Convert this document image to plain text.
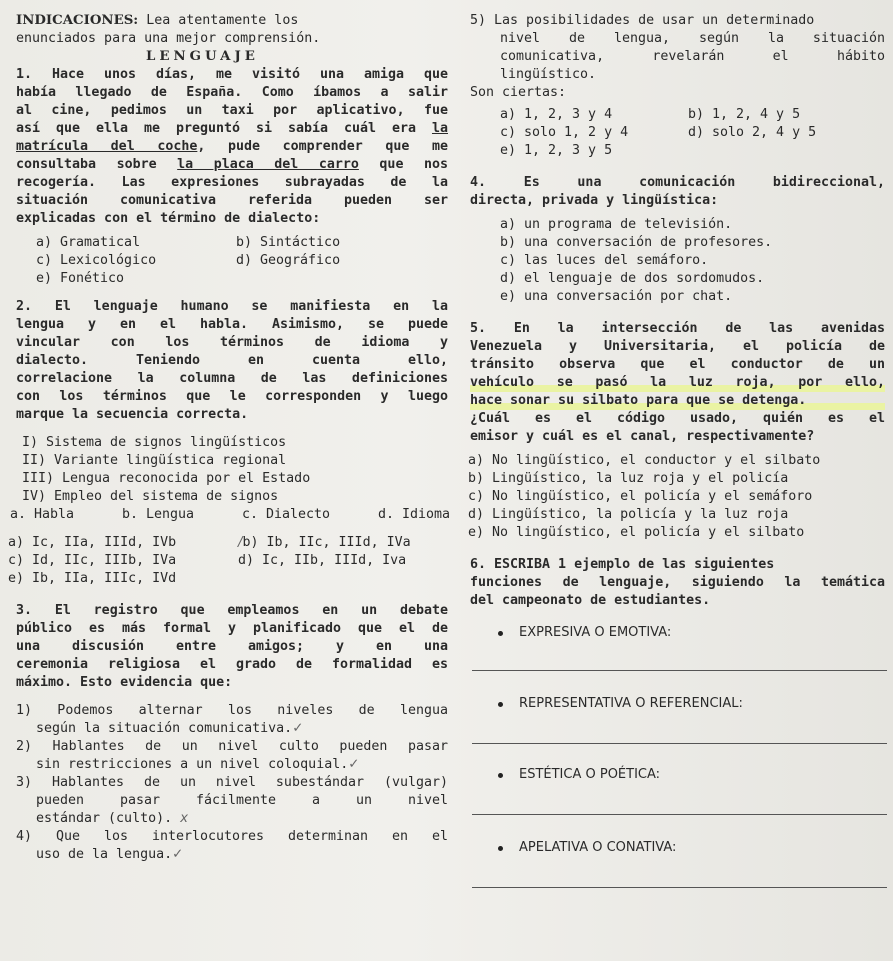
INDICACIONES: Lea atentamente los
enunciados para una mejor comprensión.
LENGUAJE
1. Hace unos días, me visitó una amiga que
había llegado de España. Como íbamos a salir
al cine, pedimos un taxi por aplicativo, fue
así que ella me preguntó si sabía cuál era la
matrícula del coche, pude comprender que me
consultaba sobre la placa del carro que nos
recogería. Las expresiones subrayadas de la
situación comunicativa referida pueden ser
explicadas con el término de dialecto:
a) Gramatical	b) Sintáctico
c) Lexicológico	d) Geográfico
e) Fonético
2. El lenguaje humano se manifiesta en la
lengua y en el habla. Asimismo, se puede
vincular con los términos de idioma y
dialecto. Teniendo en cuenta ello,
correlacione la columna de las definiciones
con los términos que le corresponden y luego
marque la secuencia correcta.
I) Sistema de signos lingüísticos
II) Variante lingüística regional
III) Lengua reconocida por el Estado
IV) Empleo del sistema de signos
a. Habla	b. Lengua	c. Dialecto	d. Idioma
a) Ic, IIa, IIId, IVb	/b) Ib, IIc, IIId, IVa
c) Id, IIc, IIIb, IVa	d) Ic, IIb, IIId, Iva
e) Ib, IIa, IIIc, IVd
3. El registro que empleamos en un debate
público es más formal y planificado que el de
una discusión entre amigos; y en una
ceremonia religiosa el grado de formalidad es
máximo. Esto evidencia que:
1) Podemos alternar los niveles de lengua
según la situación comunicativa.✓
2) Hablantes de un nivel culto pueden pasar
sin restricciones a un nivel coloquial.✓
3) Hablantes de un nivel subestándar (vulgar)
pueden pasar fácilmente a un nivel
estándar (culto). x
4) Que los interlocutores determinan en el
uso de la lengua.✓
5) Las posibilidades de usar un determinado
nivel de lengua, según la situación
comunicativa, revelarán el hábito
lingüístico.
Son ciertas:
a) 1, 2, 3 y 4	b) 1, 2, 4 y 5
c) solo 1, 2 y 4	d) solo 2, 4 y 5
e) 1, 2, 3 y 5
4. Es una comunicación bidireccional,
directa, privada y lingüística:
a) un programa de televisión.
b) una conversación de profesores.
c) las luces del semáforo.
d) el lenguaje de dos sordomudos.
e) una conversación por chat.
5. En la intersección de las avenidas
Venezuela y Universitaria, el policía de
tránsito observa que el conductor de un
vehículo se pasó la luz roja, por ello,
hace sonar su silbato para que se detenga.
¿Cuál es el código usado, quién es el
emisor y cuál es el canal, respectivamente?
a) No lingüístico, el conductor y el silbato
b) Lingüístico, la luz roja y el policía
c) No lingüístico, el policía y el semáforo
d) Lingüístico, la policía y la luz roja
e) No lingüístico, el policía y el silbato
6. ESCRIBA 1 ejemplo de las siguientes
funciones de lenguaje, siguiendo la temática
del campeonato de estudiantes.
EXPRESIVA O EMOTIVA:
REPRESENTATIVA O REFERENCIAL:
ESTÉTICA O POÉTICA:
APELATIVA O CONATIVA:
